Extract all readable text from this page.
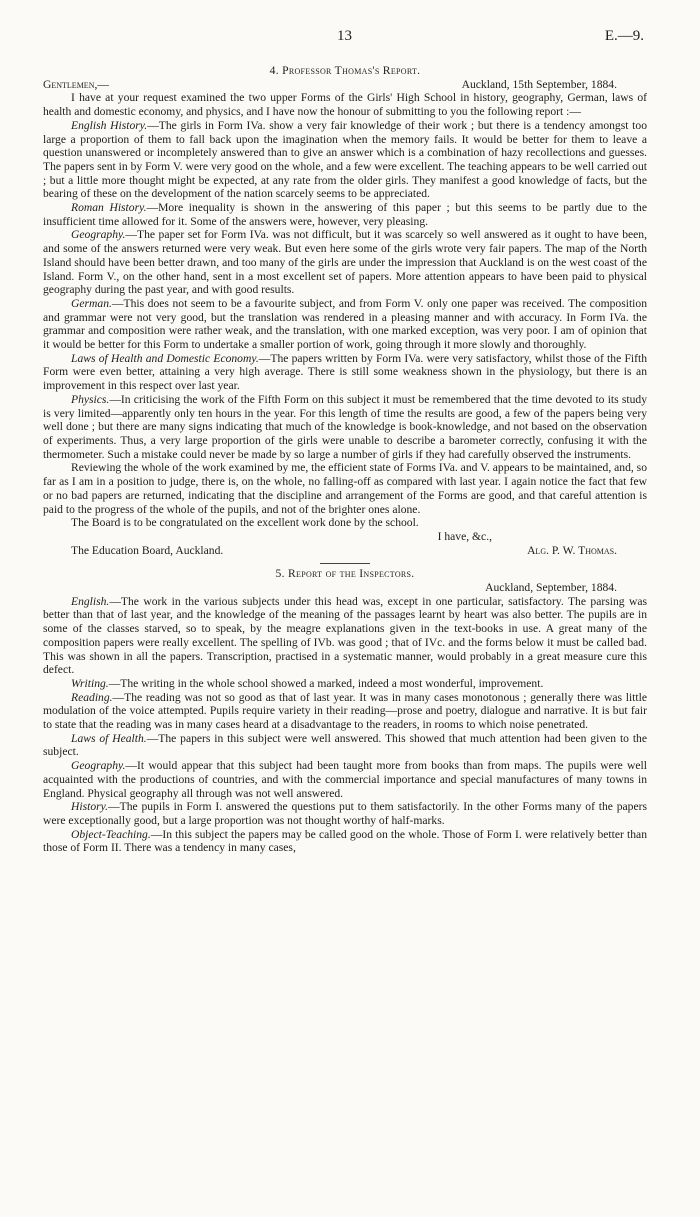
13	E.—9.

4. Professor Thomas's Report.

Gentlemen,—	Auckland, 15th September, 1884.

I have at your request examined the two upper Forms of the Girls' High School in history, geography, German, laws of health and domestic economy, and physics, and I have now the honour of submitting to you the following report :—

English History.—The girls in Form IVa. show a very fair knowledge of their work ; but there is a tendency amongst too large a proportion of them to fall back upon the imagination when the memory fails. It would be better for them to leave a question unanswered or incompletely answered than to give an answer which is a combination of hazy recollections and guesses. The papers sent in by Form V. were very good on the whole, and a few were excellent. The teaching appears to be well carried out ; but a little more thought might be expected, at any rate from the older girls. They manifest a good knowledge of facts, but the bearing of these on the development of the nation scarcely seems to be appreciated.

Roman History.—More inequality is shown in the answering of this paper ; but this seems to be partly due to the insufficient time allowed for it. Some of the answers were, however, very pleasing.

Geography.—The paper set for Form IVa. was not difficult, but it was scarcely so well answered as it ought to have been, and some of the answers returned were very weak. But even here some of the girls wrote very fair papers. The map of the North Island should have been better drawn, and too many of the girls are under the impression that Auckland is on the west coast of the Island. Form V., on the other hand, sent in a most excellent set of papers. More attention appears to have been paid to physical geography during the past year, and with good results.

German.—This does not seem to be a favourite subject, and from Form V. only one paper was received. The composition and grammar were not very good, but the translation was rendered in a pleasing manner and with accuracy. In Form IVa. the grammar and composition were rather weak, and the translation, with one marked exception, was very poor. I am of opinion that it would be better for this Form to undertake a smaller portion of work, going through it more slowly and thoroughly.

Laws of Health and Domestic Economy.—The papers written by Form IVa. were very satisfactory, whilst those of the Fifth Form were even better, attaining a very high average. There is still some weakness shown in the physiology, but there is an improvement in this respect over last year.

Physics.—In criticising the work of the Fifth Form on this subject it must be remembered that the time devoted to its study is very limited—apparently only ten hours in the year. For this length of time the results are good, a few of the papers being very well done ; but there are many signs indicating that much of the knowledge is book-knowledge, and not based on the observation of experiments. Thus, a very large proportion of the girls were unable to describe a barometer correctly, confusing it with the thermometer. Such a mistake could never be made by so large a number of girls if they had carefully observed the instruments.

Reviewing the whole of the work examined by me, the efficient state of Forms IVa. and V. appears to be maintained, and, so far as I am in a position to judge, there is, on the whole, no falling-off as compared with last year. I again notice the fact that few or no bad papers are returned, indicating that the discipline and arrangement of the Forms are good, and that careful attention is paid to the progress of the whole of the pupils, and not of the brighter ones alone.

The Board is to be congratulated on the excellent work done by the school.

I have, &c.,

The Education Board, Auckland.	Alg. P. W. Thomas.

5. Report of the Inspectors.

Auckland, September, 1884.

English.—The work in the various subjects under this head was, except in one particular, satisfactory. The parsing was better than that of last year, and the knowledge of the meaning of the passages learnt by heart was also better. The pupils are in some of the classes starved, so to speak, by the meagre explanations given in the text-books in use. A great many of the composition papers were really excellent. The spelling of IVb. was good ; that of IVc. and the forms below it must be called bad. This was shown in all the papers. Transcription, practised in a systematic manner, would probably in a great measure cure this defect.

Writing.—The writing in the whole school showed a marked, indeed a most wonderful, improvement.

Reading.—The reading was not so good as that of last year. It was in many cases monotonous ; generally there was little modulation of the voice attempted. Pupils require variety in their reading—prose and poetry, dialogue and narrative. It is but fair to state that the reading was in many cases heard at a disadvantage to the readers, in rooms to which noise penetrated.

Laws of Health.—The papers in this subject were well answered. This showed that much attention had been given to the subject.

Geography.—It would appear that this subject had been taught more from books than from maps. The pupils were well acquainted with the productions of countries, and with the commercial importance and special manufactures of many towns in England. Physical geography all through was not well answered.

History.—The pupils in Form I. answered the questions put to them satisfactorily. In the other Forms many of the papers were exceptionally good, but a large proportion was not thought worthy of half-marks.

Object-Teaching.—In this subject the papers may be called good on the whole. Those of Form I. were relatively better than those of Form II. There was a tendency in many cases,
